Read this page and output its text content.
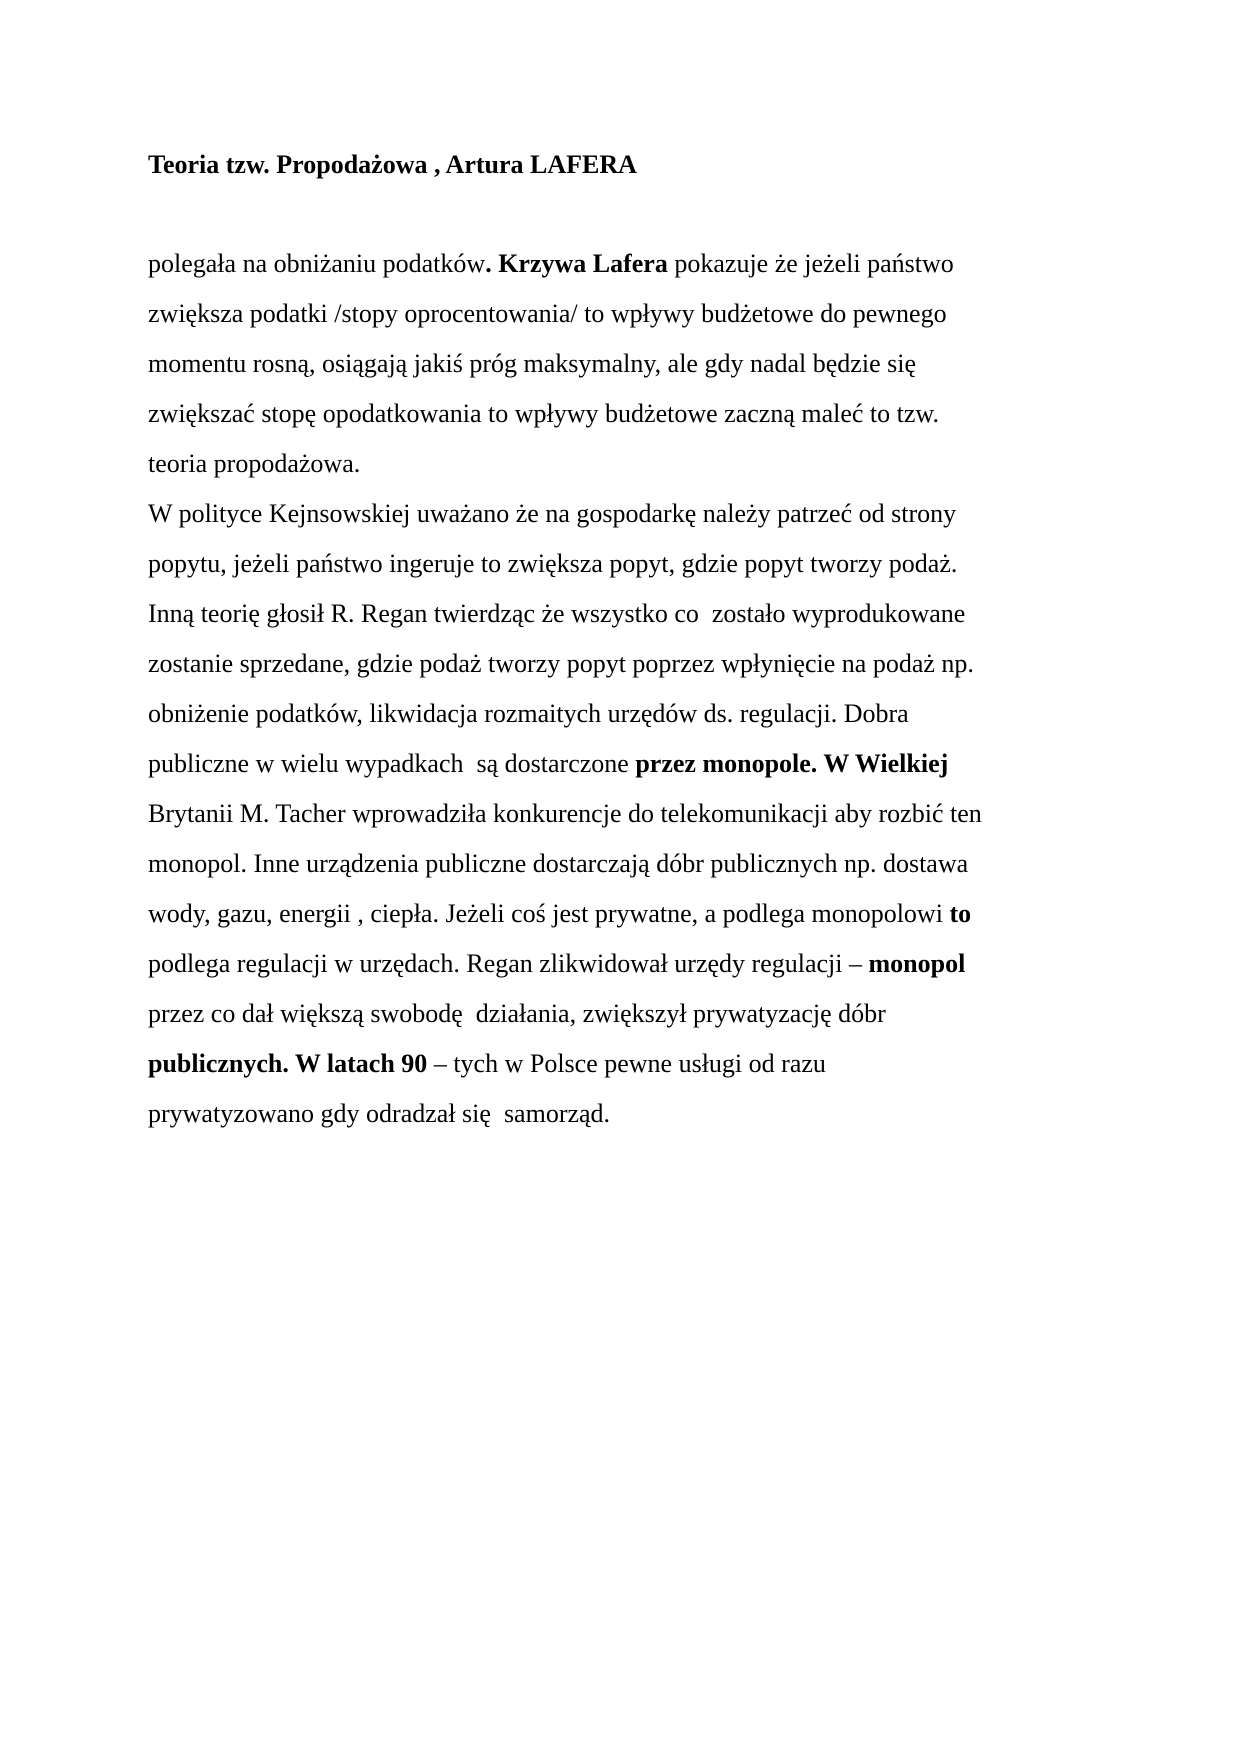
Teoria tzw. Propodażowa , Artura LAFERA
polegała na obniżaniu podatków. Krzywa Lafera pokazuje że jeżeli państwo
zwiększa podatki /stopy oprocentowania/ to wpływy budżetowe do pewnego
momentu rosną, osiągają jakiś próg maksymalny, ale gdy nadal będzie się
zwiększać stopę opodatkowania to wpływy budżetowe zaczną maleć to tzw.
teoria propodażowa.
W polityce Kejnsowskiej uważano że na gospodarkę należy patrzeć od strony
popytu, jeżeli państwo ingeruje to zwiększa popyt, gdzie popyt tworzy podaż.
Inną teorię głosił R. Regan twierdząc że wszystko co  zostało wyprodukowane
zostanie sprzedane, gdzie podaż tworzy popyt poprzez wpłynięcie na podaż np.
obniżenie podatków, likwidacja rozmaitych urzędów ds. regulacji. Dobra
publiczne w wielu wypadkach  są dostarczone przez monopole. W Wielkiej
Brytanii M. Tacher wprowadziła konkurencje do telekomunikacji aby rozbić ten
monopol. Inne urządzenia publiczne dostarczają dóbr publicznych np. dostawa
wody, gazu, energii , ciepła. Jeżeli coś jest prywatne, a podlega monopolowi to
podlega regulacji w urzędach. Regan zlikwidował urzędy regulacji – monopol
przez co dał większą swobodę  działania, zwiększył prywatyzację dóbr
publicznych. W latach 90 – tych w Polsce pewne usługi od razu
prywatyzowano gdy odradzał się  samorząd.
